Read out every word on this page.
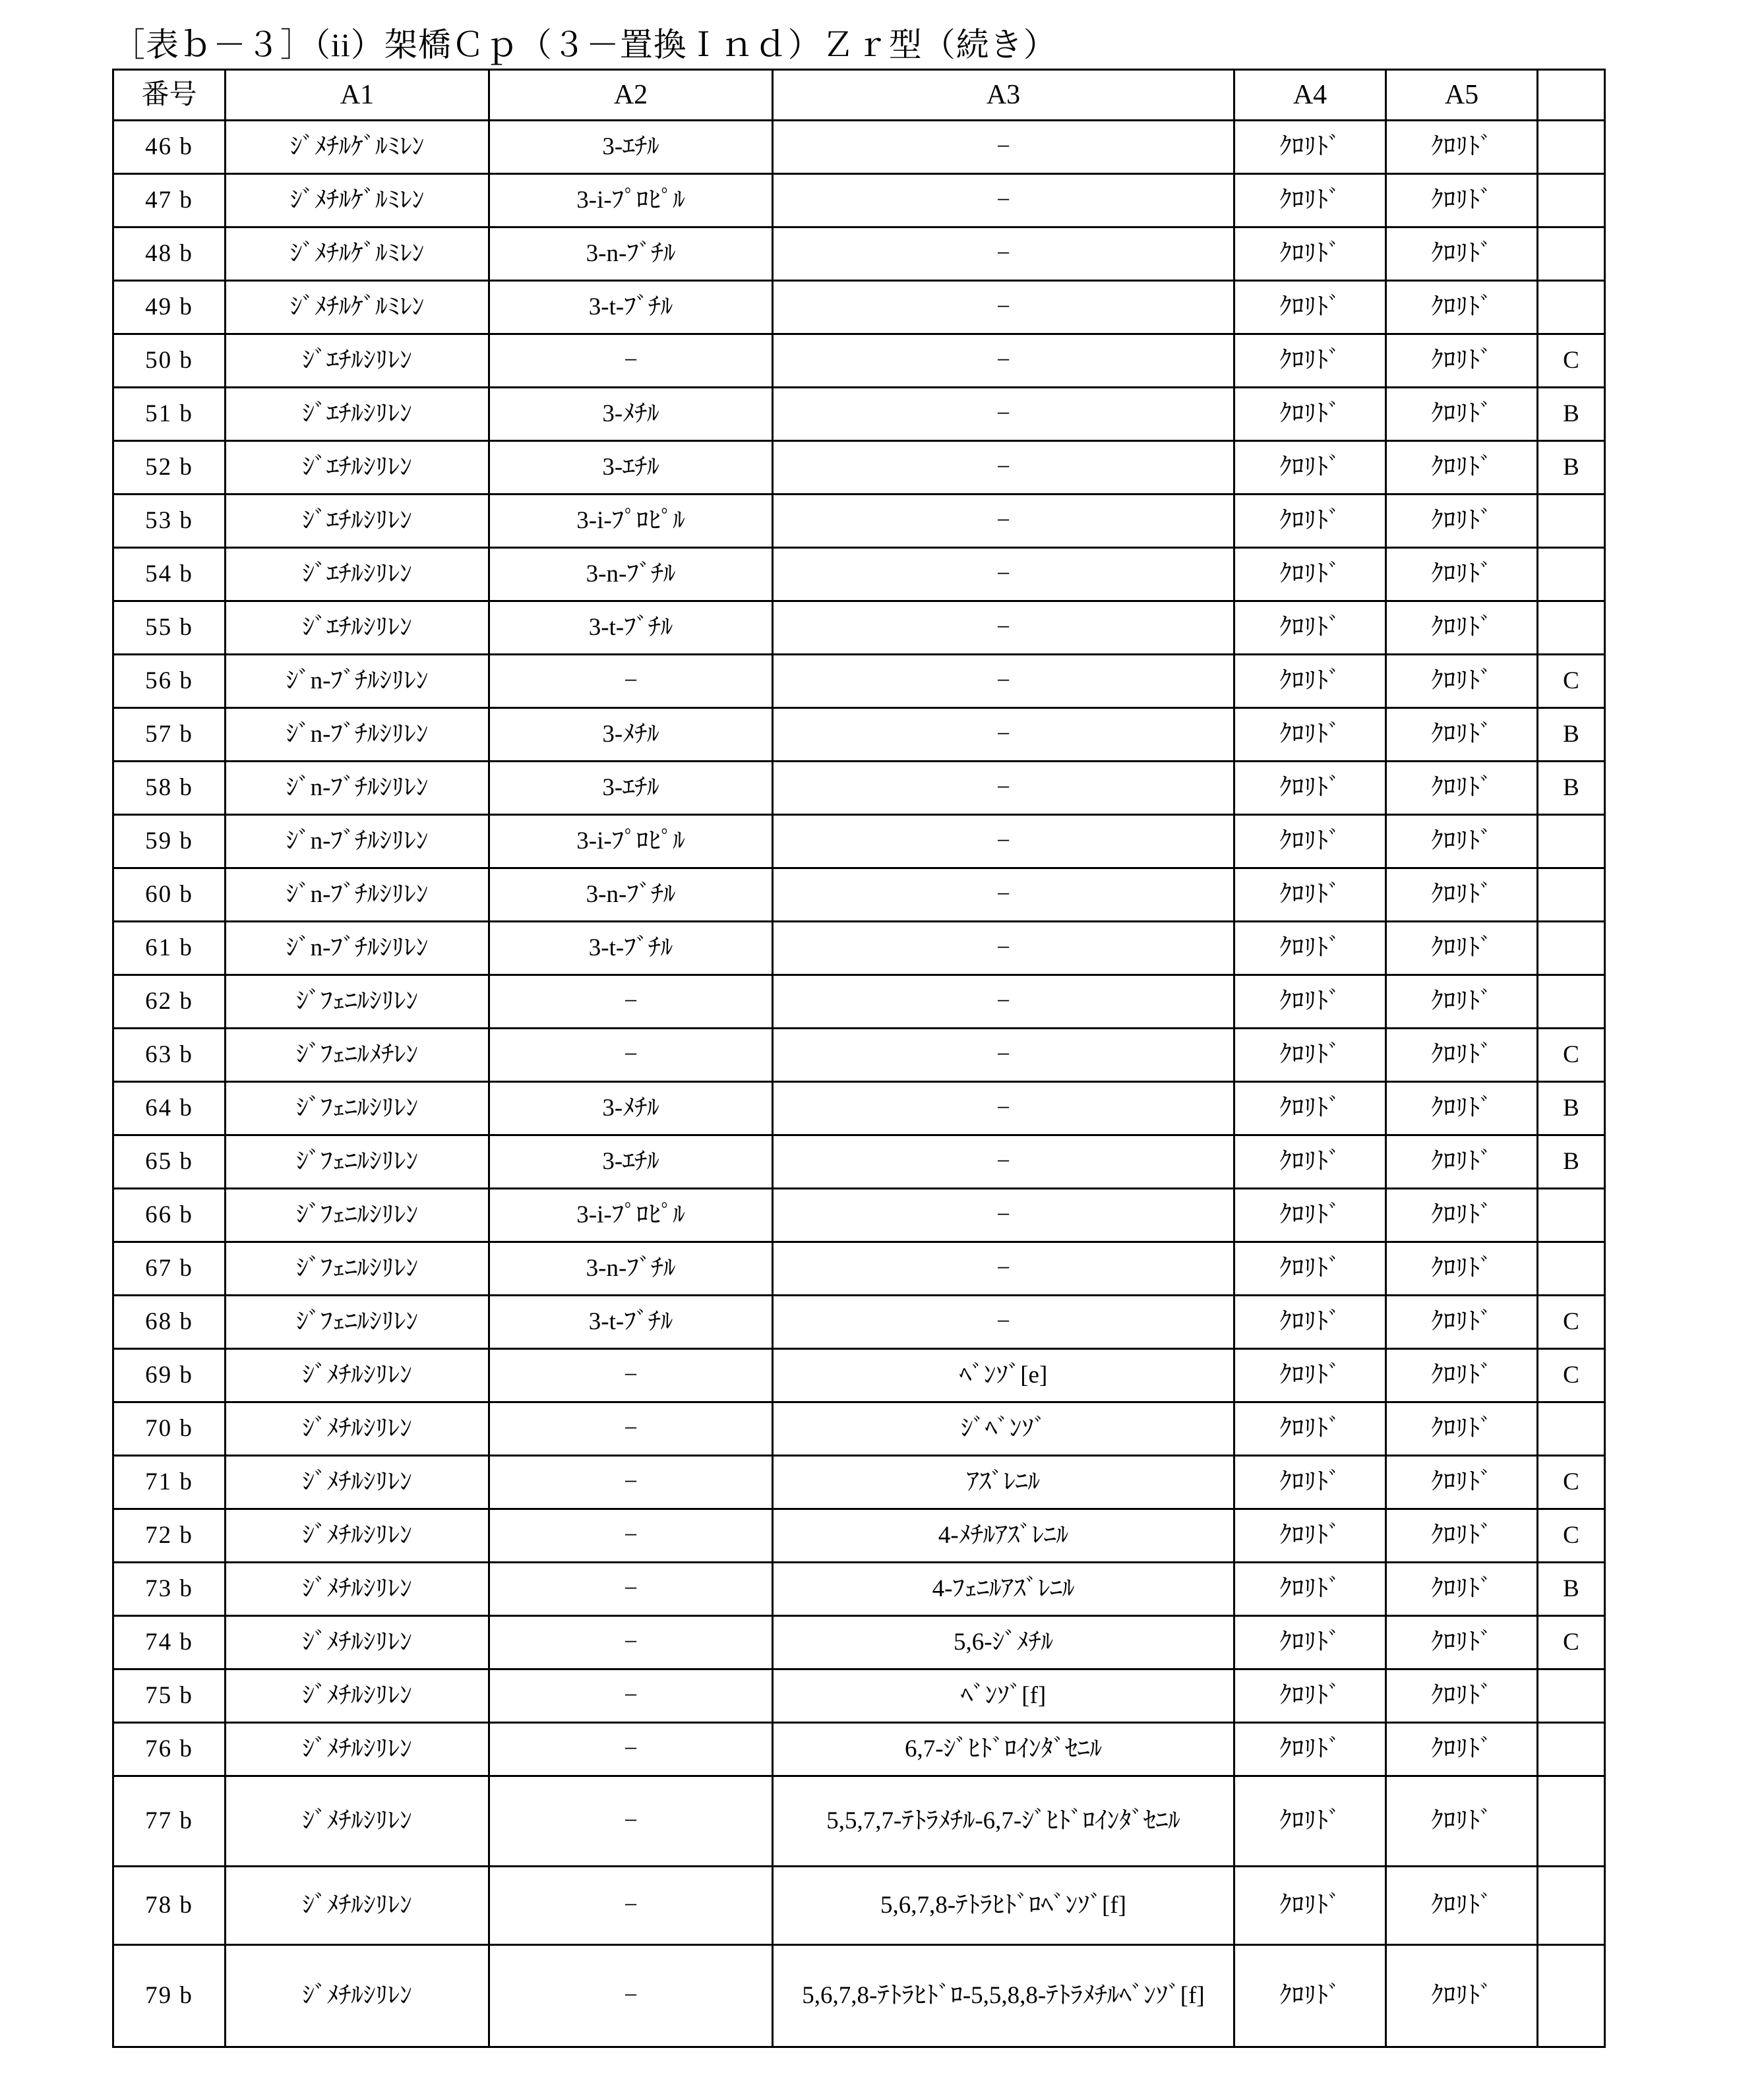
［表ｂ－３］（ii）架橋Ｃｐ（３－置換Ｉｎｄ）Ｚｒ型（続き）
番号	A1	A2	A3	A4	A5	
46 b	ｼﾞﾒﾁﾙｹﾞﾙﾐﾚﾝ	3-ｴﾁﾙ	−	ｸﾛﾘﾄﾞ	ｸﾛﾘﾄﾞ	
47 b	ｼﾞﾒﾁﾙｹﾞﾙﾐﾚﾝ	3-i-ﾌﾟﾛﾋﾟﾙ	−	ｸﾛﾘﾄﾞ	ｸﾛﾘﾄﾞ	
48 b	ｼﾞﾒﾁﾙｹﾞﾙﾐﾚﾝ	3-n-ﾌﾞﾁﾙ	−	ｸﾛﾘﾄﾞ	ｸﾛﾘﾄﾞ	
49 b	ｼﾞﾒﾁﾙｹﾞﾙﾐﾚﾝ	3-t-ﾌﾞﾁﾙ	−	ｸﾛﾘﾄﾞ	ｸﾛﾘﾄﾞ	
50 b	ｼﾞｴﾁﾙｼﾘﾚﾝ	−	−	ｸﾛﾘﾄﾞ	ｸﾛﾘﾄﾞ	C
51 b	ｼﾞｴﾁﾙｼﾘﾚﾝ	3-ﾒﾁﾙ	−	ｸﾛﾘﾄﾞ	ｸﾛﾘﾄﾞ	B
52 b	ｼﾞｴﾁﾙｼﾘﾚﾝ	3-ｴﾁﾙ	−	ｸﾛﾘﾄﾞ	ｸﾛﾘﾄﾞ	B
53 b	ｼﾞｴﾁﾙｼﾘﾚﾝ	3-i-ﾌﾟﾛﾋﾟﾙ	−	ｸﾛﾘﾄﾞ	ｸﾛﾘﾄﾞ	
54 b	ｼﾞｴﾁﾙｼﾘﾚﾝ	3-n-ﾌﾞﾁﾙ	−	ｸﾛﾘﾄﾞ	ｸﾛﾘﾄﾞ	
55 b	ｼﾞｴﾁﾙｼﾘﾚﾝ	3-t-ﾌﾞﾁﾙ	−	ｸﾛﾘﾄﾞ	ｸﾛﾘﾄﾞ	
56 b	ｼﾞn-ﾌﾞﾁﾙｼﾘﾚﾝ	−	−	ｸﾛﾘﾄﾞ	ｸﾛﾘﾄﾞ	C
57 b	ｼﾞn-ﾌﾞﾁﾙｼﾘﾚﾝ	3-ﾒﾁﾙ	−	ｸﾛﾘﾄﾞ	ｸﾛﾘﾄﾞ	B
58 b	ｼﾞn-ﾌﾞﾁﾙｼﾘﾚﾝ	3-ｴﾁﾙ	−	ｸﾛﾘﾄﾞ	ｸﾛﾘﾄﾞ	B
59 b	ｼﾞn-ﾌﾞﾁﾙｼﾘﾚﾝ	3-i-ﾌﾟﾛﾋﾟﾙ	−	ｸﾛﾘﾄﾞ	ｸﾛﾘﾄﾞ	
60 b	ｼﾞn-ﾌﾞﾁﾙｼﾘﾚﾝ	3-n-ﾌﾞﾁﾙ	−	ｸﾛﾘﾄﾞ	ｸﾛﾘﾄﾞ	
61 b	ｼﾞn-ﾌﾞﾁﾙｼﾘﾚﾝ	3-t-ﾌﾞﾁﾙ	−	ｸﾛﾘﾄﾞ	ｸﾛﾘﾄﾞ	
62 b	ｼﾞﾌｪﾆﾙｼﾘﾚﾝ	−	−	ｸﾛﾘﾄﾞ	ｸﾛﾘﾄﾞ	
63 b	ｼﾞﾌｪﾆﾙﾒﾁﾚﾝ	−	−	ｸﾛﾘﾄﾞ	ｸﾛﾘﾄﾞ	C
64 b	ｼﾞﾌｪﾆﾙｼﾘﾚﾝ	3-ﾒﾁﾙ	−	ｸﾛﾘﾄﾞ	ｸﾛﾘﾄﾞ	B
65 b	ｼﾞﾌｪﾆﾙｼﾘﾚﾝ	3-ｴﾁﾙ	−	ｸﾛﾘﾄﾞ	ｸﾛﾘﾄﾞ	B
66 b	ｼﾞﾌｪﾆﾙｼﾘﾚﾝ	3-i-ﾌﾟﾛﾋﾟﾙ	−	ｸﾛﾘﾄﾞ	ｸﾛﾘﾄﾞ	
67 b	ｼﾞﾌｪﾆﾙｼﾘﾚﾝ	3-n-ﾌﾞﾁﾙ	−	ｸﾛﾘﾄﾞ	ｸﾛﾘﾄﾞ	
68 b	ｼﾞﾌｪﾆﾙｼﾘﾚﾝ	3-t-ﾌﾞﾁﾙ	−	ｸﾛﾘﾄﾞ	ｸﾛﾘﾄﾞ	C
69 b	ｼﾞﾒﾁﾙｼﾘﾚﾝ	−	ﾍﾞﾝｿﾞ[e]	ｸﾛﾘﾄﾞ	ｸﾛﾘﾄﾞ	C
70 b	ｼﾞﾒﾁﾙｼﾘﾚﾝ	−	ｼﾞﾍﾞﾝｿﾞ	ｸﾛﾘﾄﾞ	ｸﾛﾘﾄﾞ	
71 b	ｼﾞﾒﾁﾙｼﾘﾚﾝ	−	ｱｽﾞﾚﾆﾙ	ｸﾛﾘﾄﾞ	ｸﾛﾘﾄﾞ	C
72 b	ｼﾞﾒﾁﾙｼﾘﾚﾝ	−	4-ﾒﾁﾙｱｽﾞﾚﾆﾙ	ｸﾛﾘﾄﾞ	ｸﾛﾘﾄﾞ	C
73 b	ｼﾞﾒﾁﾙｼﾘﾚﾝ	−	4-ﾌｪﾆﾙｱｽﾞﾚﾆﾙ	ｸﾛﾘﾄﾞ	ｸﾛﾘﾄﾞ	B
74 b	ｼﾞﾒﾁﾙｼﾘﾚﾝ	−	5,6-ｼﾞﾒﾁﾙ	ｸﾛﾘﾄﾞ	ｸﾛﾘﾄﾞ	C
75 b	ｼﾞﾒﾁﾙｼﾘﾚﾝ	−	ﾍﾞﾝｿﾞ[f]	ｸﾛﾘﾄﾞ	ｸﾛﾘﾄﾞ	
76 b	ｼﾞﾒﾁﾙｼﾘﾚﾝ	−	6,7-ｼﾞﾋﾄﾞﾛｲﾝﾀﾞｾﾆﾙ	ｸﾛﾘﾄﾞ	ｸﾛﾘﾄﾞ	
77 b	ｼﾞﾒﾁﾙｼﾘﾚﾝ	−	5,5,7,7-ﾃﾄﾗﾒﾁﾙ-6,7-ｼﾞﾋﾄﾞﾛｲﾝﾀﾞｾﾆﾙ	ｸﾛﾘﾄﾞ	ｸﾛﾘﾄﾞ	
78 b	ｼﾞﾒﾁﾙｼﾘﾚﾝ	−	5,6,7,8-ﾃﾄﾗﾋﾄﾞﾛﾍﾞﾝｿﾞ[f]	ｸﾛﾘﾄﾞ	ｸﾛﾘﾄﾞ	
79 b	ｼﾞﾒﾁﾙｼﾘﾚﾝ	−	5,6,7,8-ﾃﾄﾗﾋﾄﾞﾛ-5,5,8,8-ﾃﾄﾗﾒﾁﾙﾍﾞﾝｿﾞ[f]	ｸﾛﾘﾄﾞ	ｸﾛﾘﾄﾞ	
